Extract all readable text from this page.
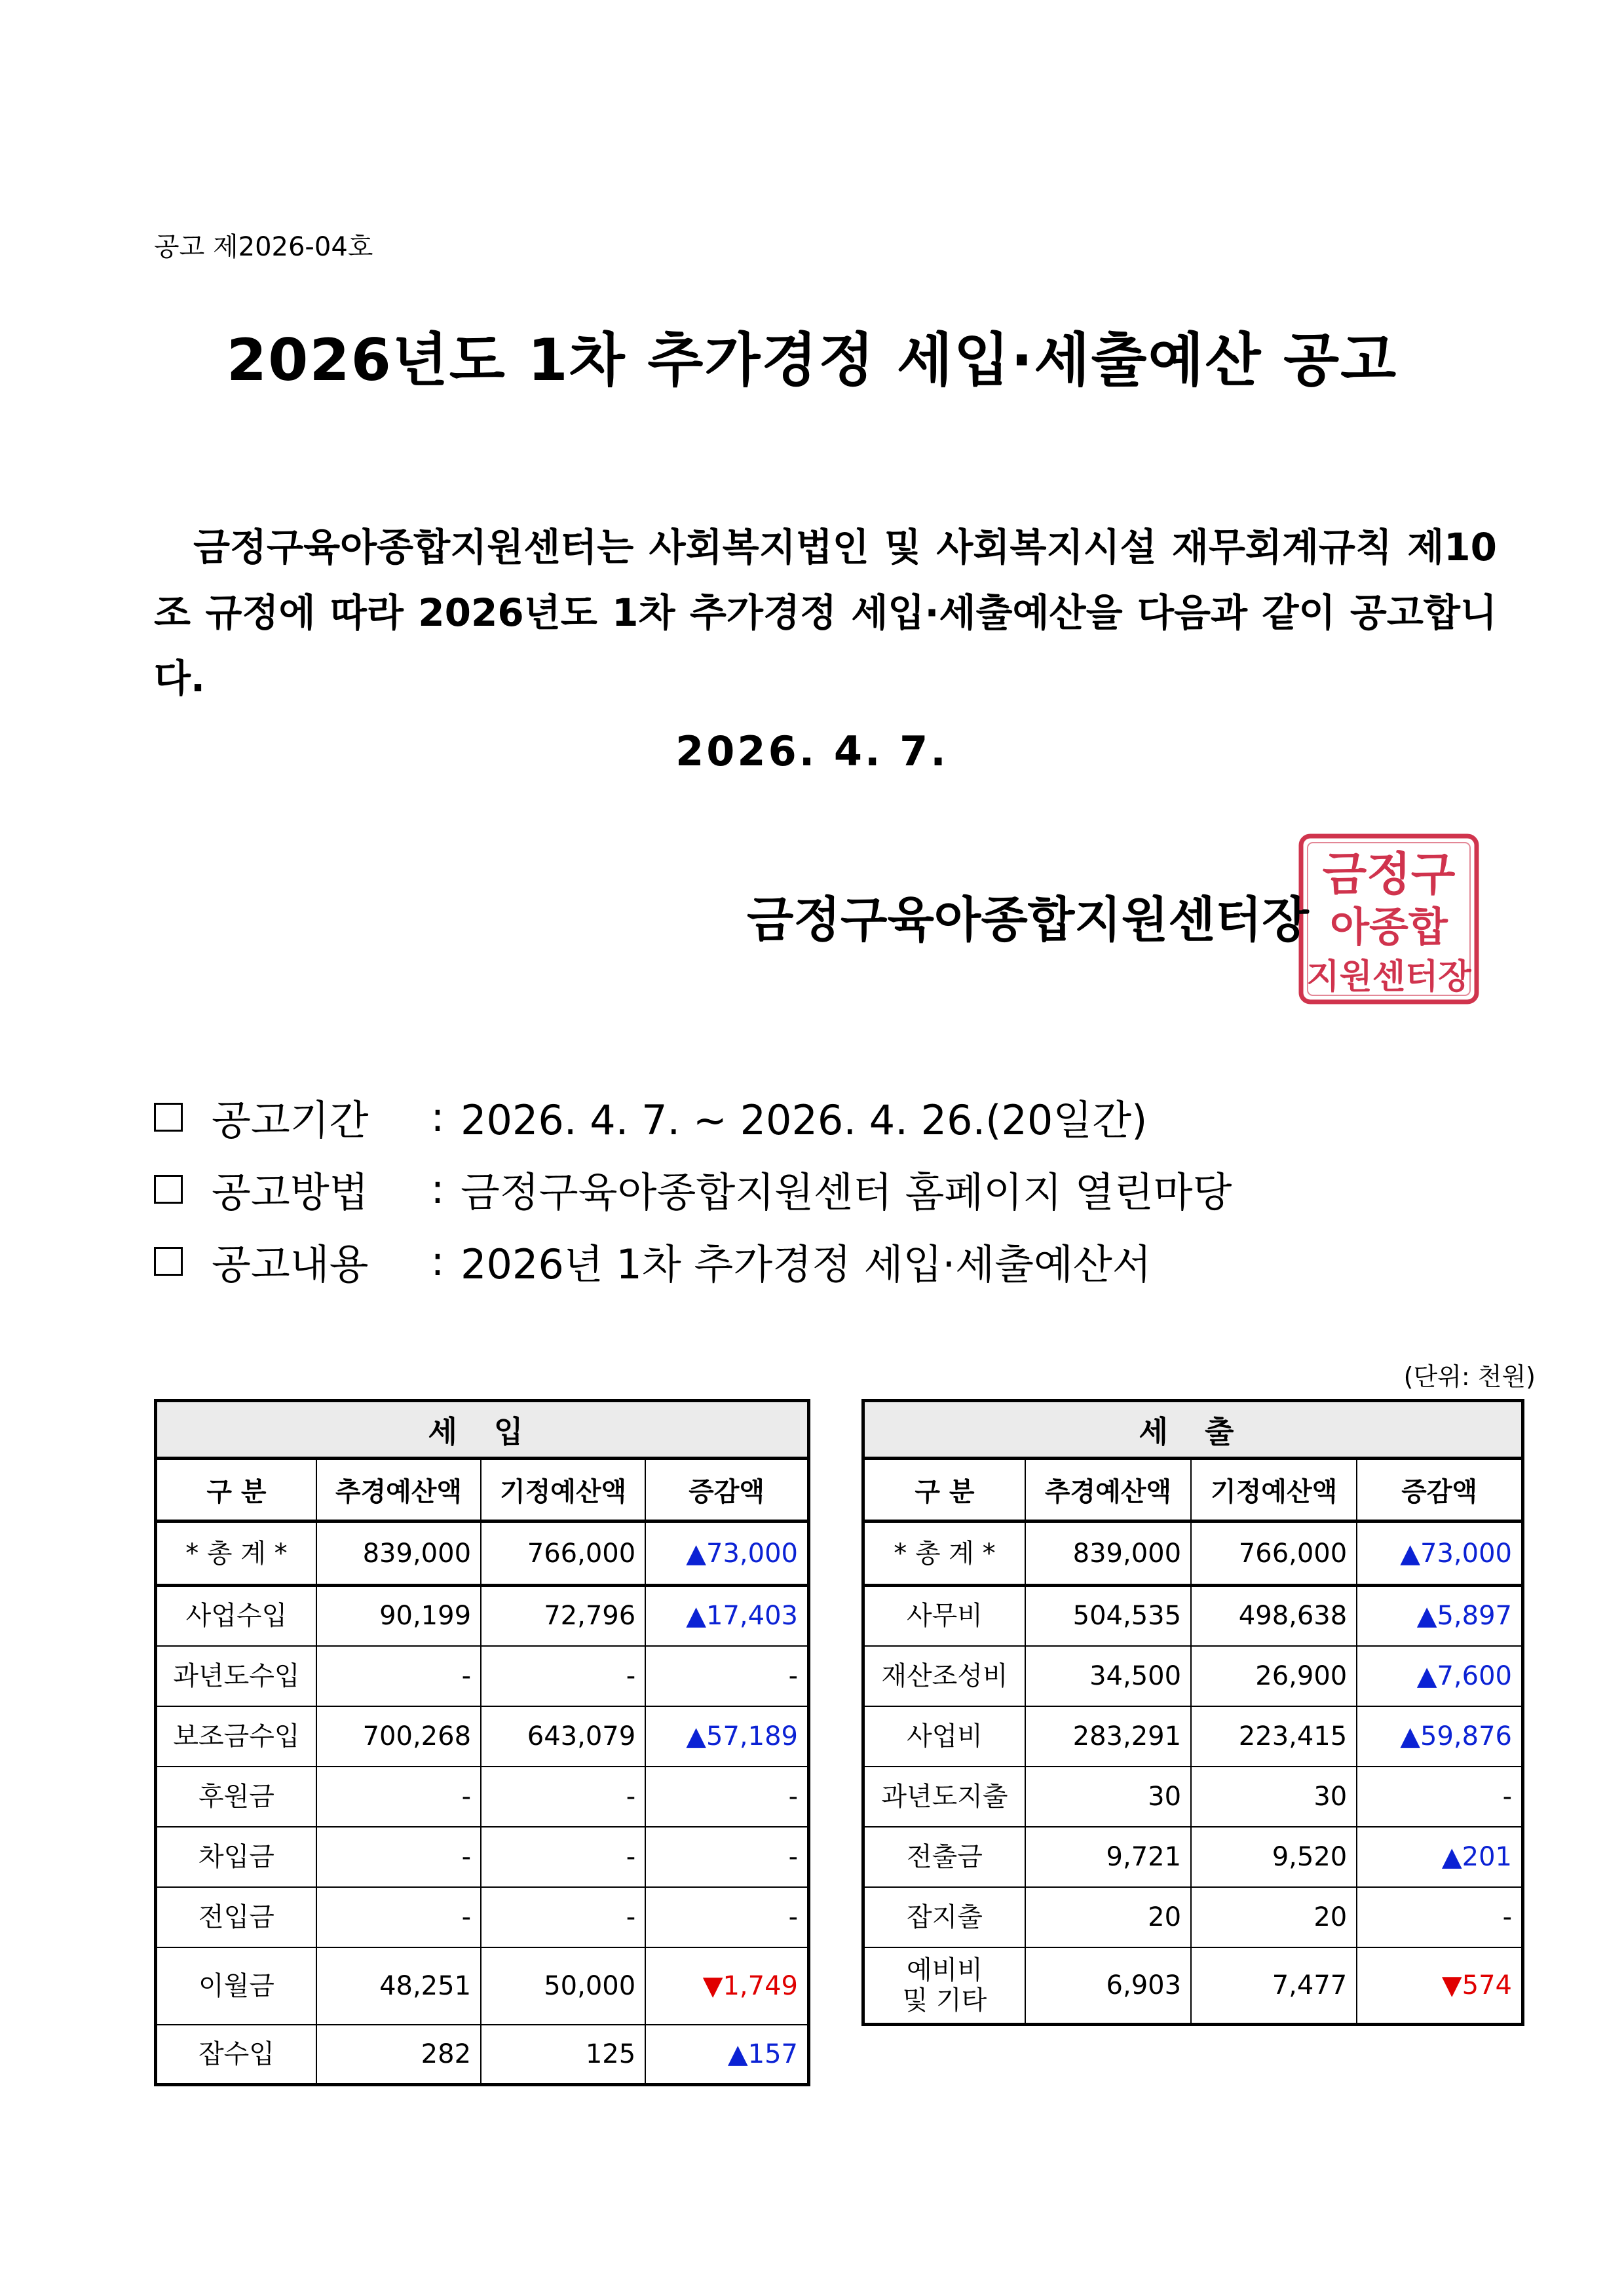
공고 제2026-04호
2026년도 1차 추가경정 세입·세출예산 공고
금정구육아종합지원센터는 사회복지법인 및 사회복지시설 재무회계규칙 제10조 규정에 따라 2026년도 1차 추가경정 세입·세출예산을 다음과 같이 공고합니다.
2026. 4. 7.
금정구
아종합
지원센터장
금정구육아종합지원센터장
공고기간	: 2026. 4. 7. ~ 2026. 4. 26.(20일간)
공고방법	: 금정구육아종합지원센터 홈페이지 열린마당
공고내용	: 2026년 1차 추가경정 세입·세출예산서
(단위: 천원)
세 입			
구 분	추경예산액	기정예산액	증감액
* 총 계 *	839,000	766,000	▲73,000
사업수입	90,199	72,796	▲17,403
과년도수입	-	-	-
보조금수입	700,268	643,079	▲57,189
후원금	-	-	-
차입금	-	-	-
전입금	-	-	-
이월금	48,251	50,000	▼1,749
잡수입	282	125	▲157
세 출			
구 분	추경예산액	기정예산액	증감액
* 총 계 *	839,000	766,000	▲73,000
사무비	504,535	498,638	▲5,897
재산조성비	34,500	26,900	▲7,600
사업비	283,291	223,415	▲59,876
과년도지출	30	30	-
전출금	9,721	9,520	▲201
잡지출	20	20	-
예비비
및 기타	6,903	7,477	▼574
